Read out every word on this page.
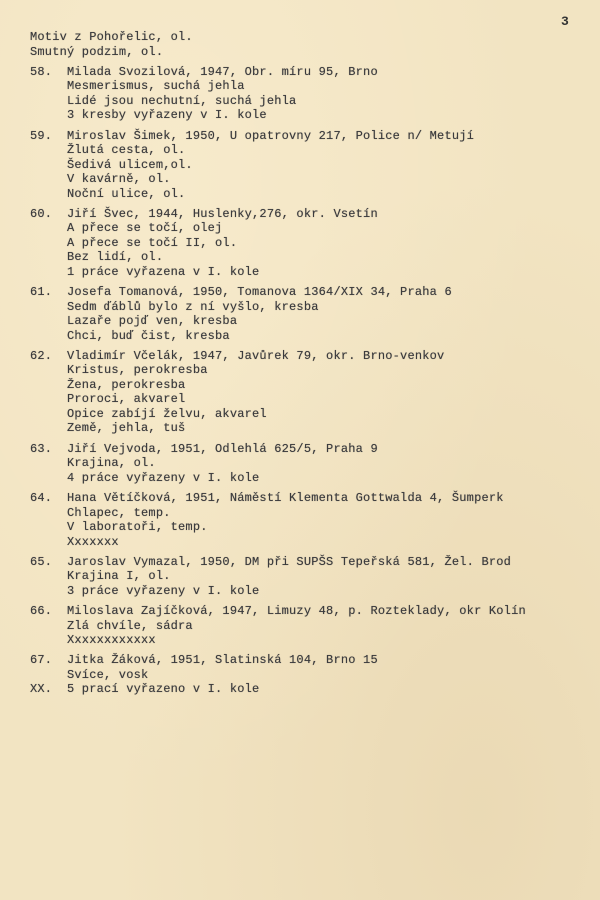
3
Motiv z Pohořelic, ol.
Smutný podzim, ol.
58.	Milada Svozilová, 1947, Obr. míru 95, Brno
Mesmerismus, suchá jehla
Lidé jsou nechutní, suchá jehla
3 kresby vyřazeny v I. kole
59.	Miroslav Šimek, 1950, U opatrovny 217, Police n/ Metují
Žlutá cesta, ol.
Šedivá ulicem,ol.
V kavárně, ol.
Noční ulice, ol.
60.	Jiří Švec, 1944, Huslenky,276, okr. Vsetín
A přece se točí, olej
A přece se točí II, ol.
Bez lidí, ol.
1 práce vyřazena v I. kole
61.	Josefa Tomanová, 1950, Tomanova 1364/XIX 34, Praha 6
Sedm ďáblů bylo z ní vyšlo, kresba
Lazaře pojď ven, kresba
Chci, buď čist, kresba
62.	Vladimír Včelák, 1947, Javůrek 79, okr. Brno-venkov
Kristus, perokresba
Žena, perokresba
Proroci, akvarel
Opice zabíjí želvu, akvarel
Země, jehla, tuš
63.	Jiří Vejvoda, 1951, Odlehlá 625/5, Praha 9
Krajina, ol.
4 práce vyřazeny v I. kole
64.	Hana Větíčková, 1951, Náměstí Klementa Gottwalda 4, Šumperk
Chlapec, temp.
V laboratoři, temp.
Xxxxxxx
65.	Jaroslav Vymazal, 1950, DM při SUPŠS Tepeřská 581, Žel. Brod
Krajina I, ol.
3 práce vyřazeny v I. kole
66.	Miloslava Zajíčková, 1947, Limuzy 48, p. Rozteklady, okr Kolín
Zlá chvíle, sádra
Xxxxxxxxxxxx
67.	Jitka Žáková, 1951, Slatinská 104, Brno 15
Svíce, vosk
XX.	5 prací vyřazeno v I. kole
